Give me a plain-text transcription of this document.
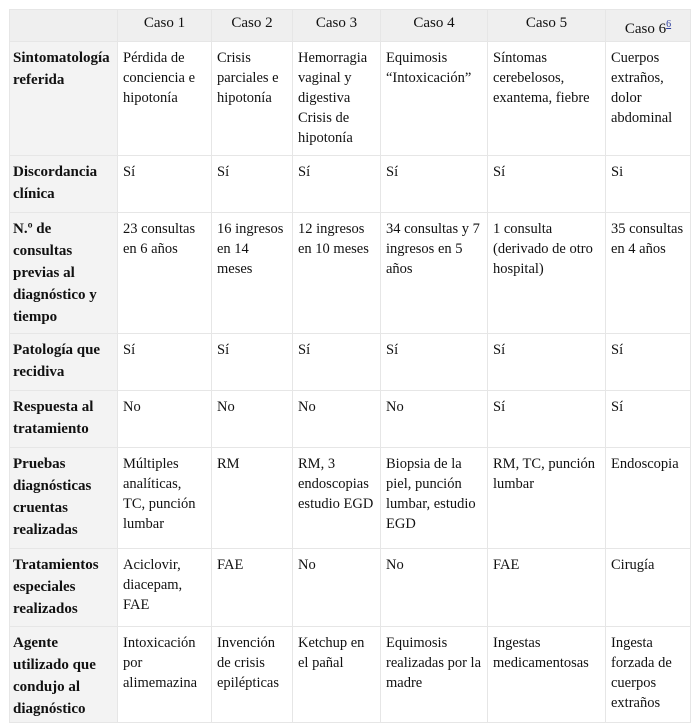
	Caso 1	Caso 2	Caso 3	Caso 4	Caso 5	Caso 6$^6$
Sintomatología referida	Pérdida de conciencia e hipotonía	Crisis parciales e hipotonía	Hemorragia vaginal y digestiva Crisis de hipotonía	Equimosis “Intoxicación”	Síntomas cerebelosos, exantema, fiebre	Cuerpos extraños, dolor abdominal
Discordancia clínica	Sí	Sí	Sí	Sí	Sí	Si
N.º de consultas previas al diagnóstico y tiempo	23 consultas en 6 años	16 ingresos en 14 meses	12 ingresos en 10 meses	34 consultas y 7 ingresos en 5 años	1 consulta (derivado de otro hospital)	35 consultas en 4 años
Patología que recidiva	Sí	Sí	Sí	Sí	Sí	Sí
Respuesta al tratamiento	No	No	No	No	Sí	Sí
Pruebas diagnósticas cruentas realizadas	Múltiples analíticas, TC, punción lumbar	RM	RM, 3 endoscopias estudio EGD	Biopsia de la piel, punción lumbar, estudio EGD	RM, TC, punción lumbar	Endoscopia
Tratamientos especiales realizados	Aciclovir, diacepam, FAE	FAE	No	No	FAE	Cirugía
Agente utilizado que condujo al diagnóstico	Intoxicación por alimemazina	Invención de crisis epilépticas	Ketchup en el pañal	Equimosis realizadas por la madre	Ingestas medicamentosas	Ingesta forzada de cuerpos extraños
